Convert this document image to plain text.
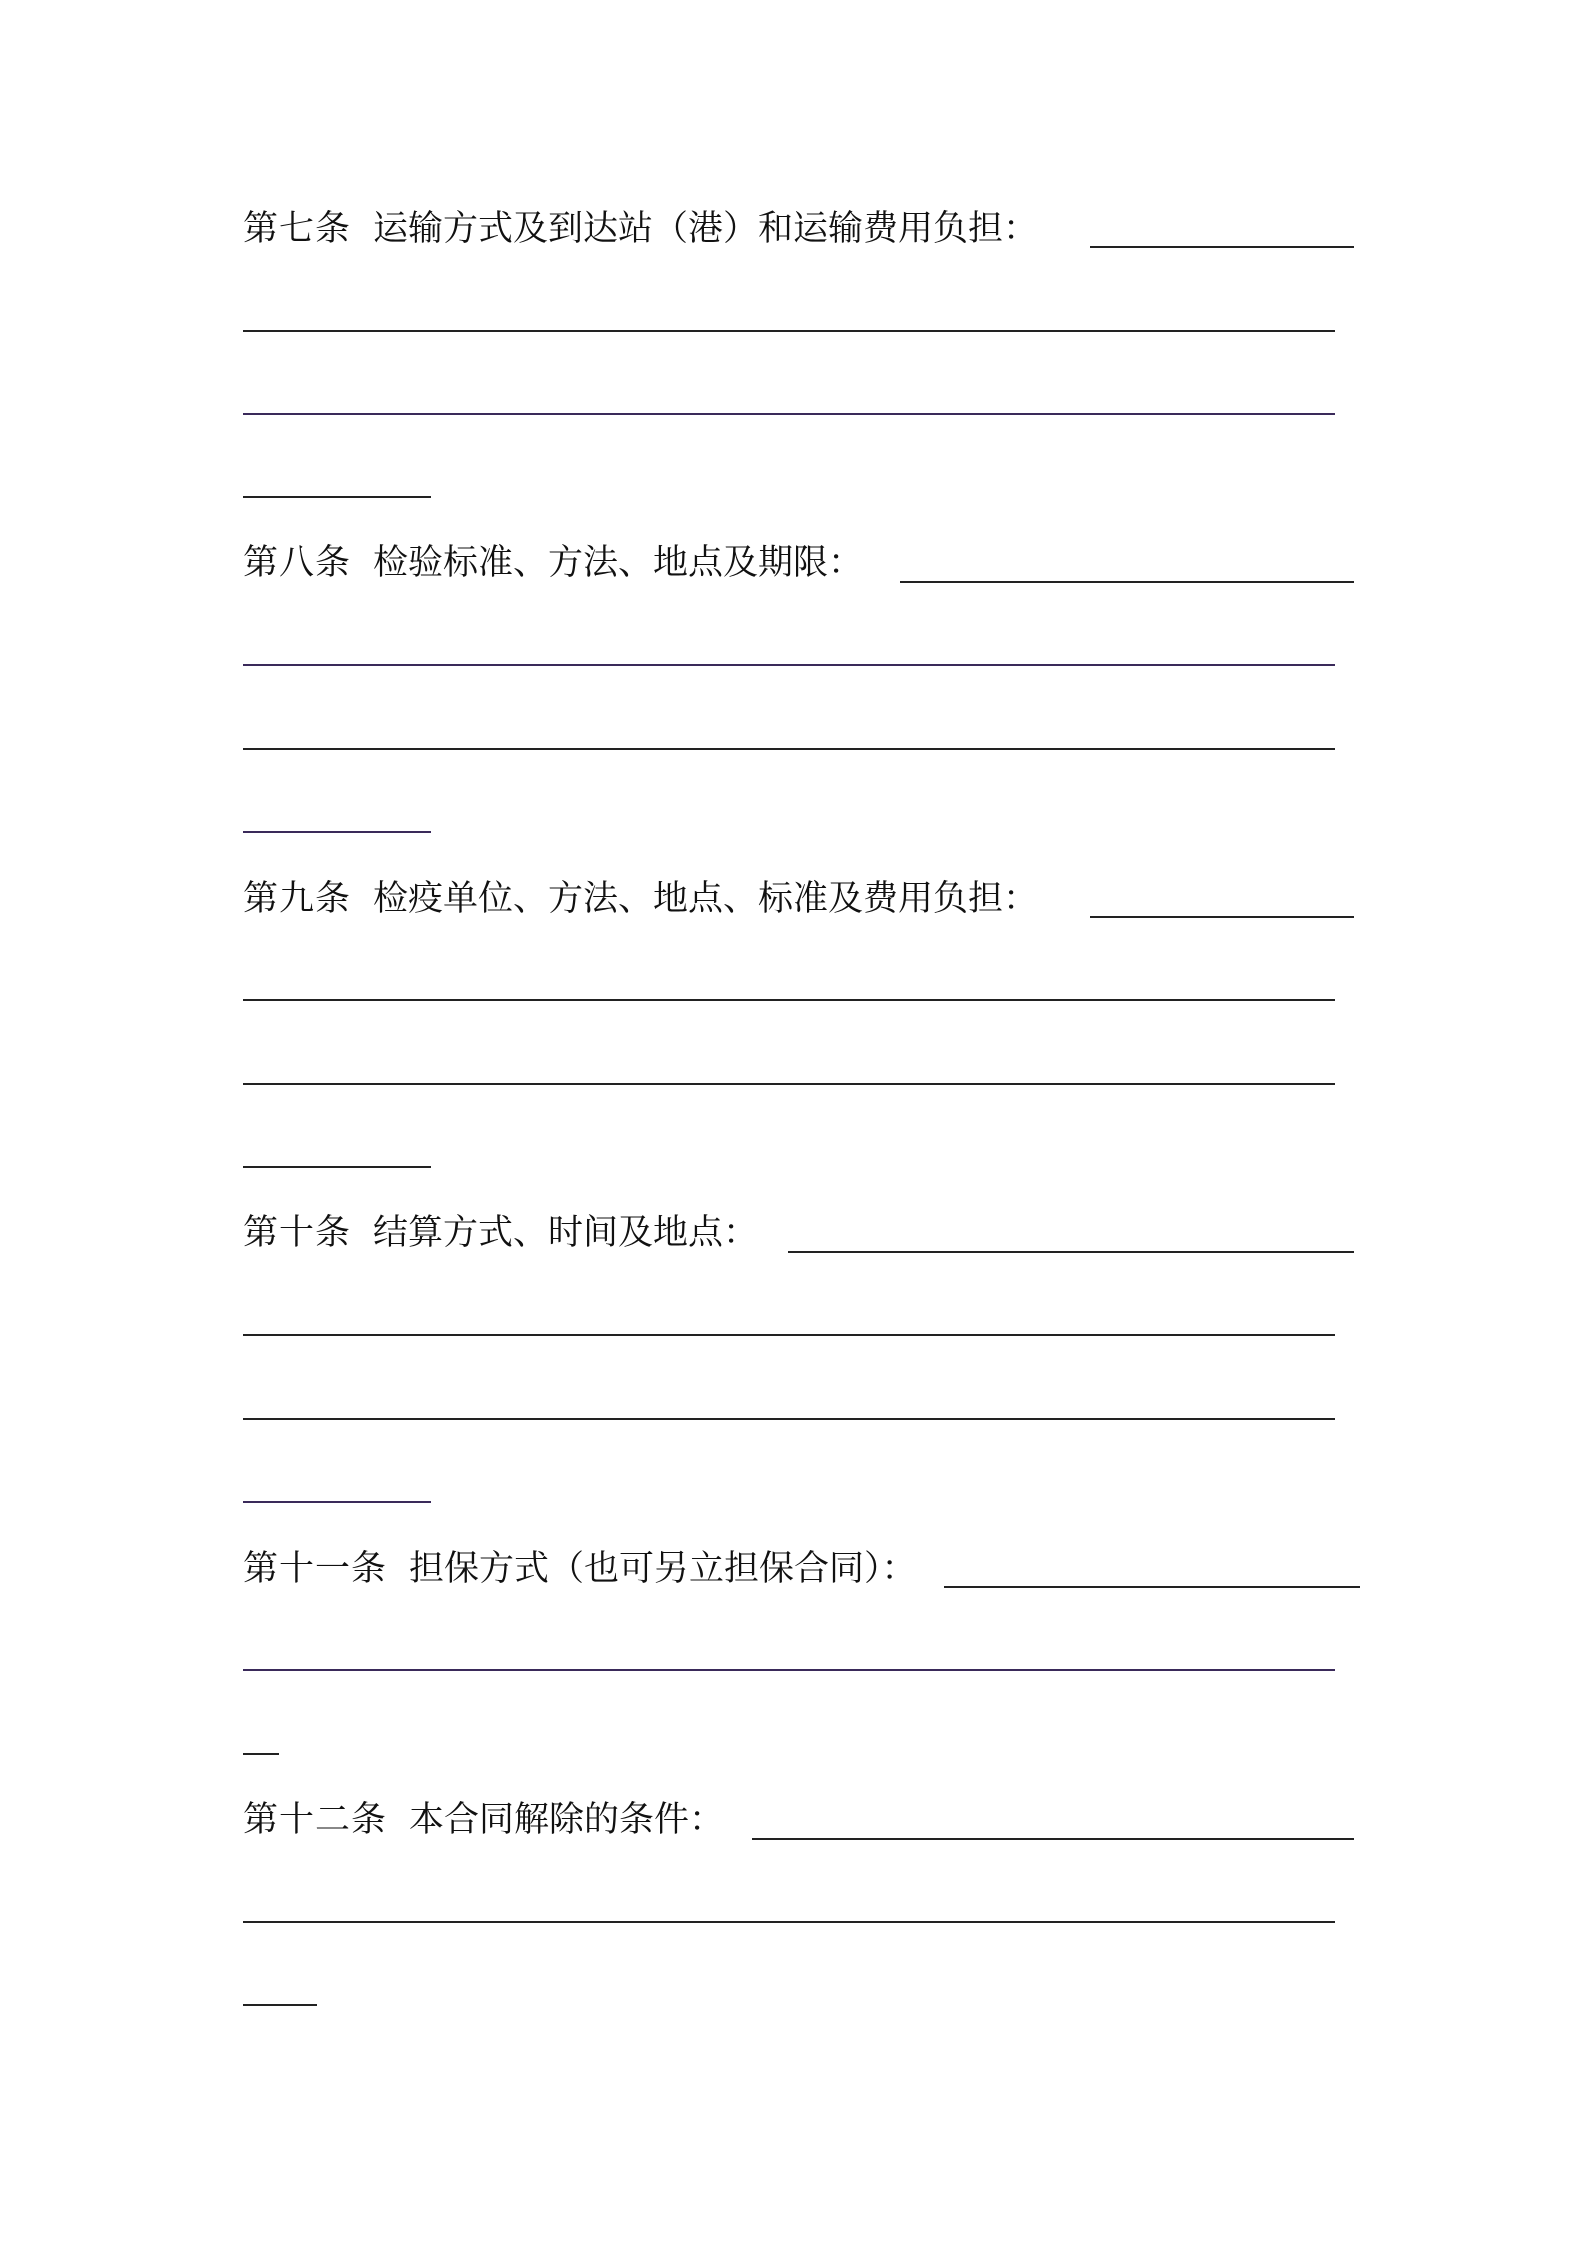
第七条 运输方式及到达站（港）和运输费用负担：
第八条 检验标准、方法、地点及期限：
第九条 检疫单位、方法、地点、标准及费用负担：
第十条 结算方式、时间及地点：
第十一条 担保方式（也可另立担保合同）：
第十二条 本合同解除的条件：
